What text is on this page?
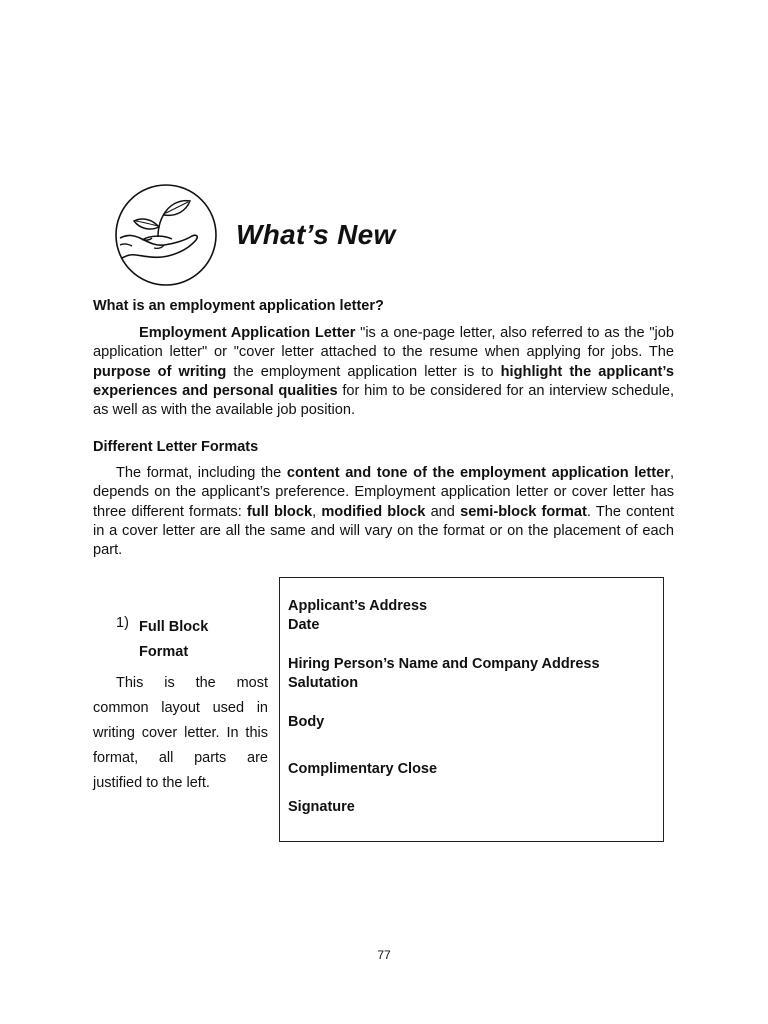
What’s New
What is an employment application letter?
Employment Application Letter "is a one-page letter, also referred to as the "job application letter" or "cover letter attached to the resume when applying for jobs. The purpose of writing the employment application letter is to highlight the applicant’s experiences and personal qualities for him to be considered for an interview schedule, as well as with the available job position.
Different Letter Formats
The format, including the content and tone of the employment application letter, depends on the applicant’s preference. Employment application letter or cover letter has three different formats: full block, modified block and semi-block format. The content in a cover letter are all the same and will vary on the format or on the placement of each part.
1) Full Block Format
This is the most common layout used in writing cover letter. In this format, all parts are justified to the left.
Applicant’s Address
Date
Hiring Person’s Name and Company Address
Salutation
Body
Complimentary Close
Signature
77
